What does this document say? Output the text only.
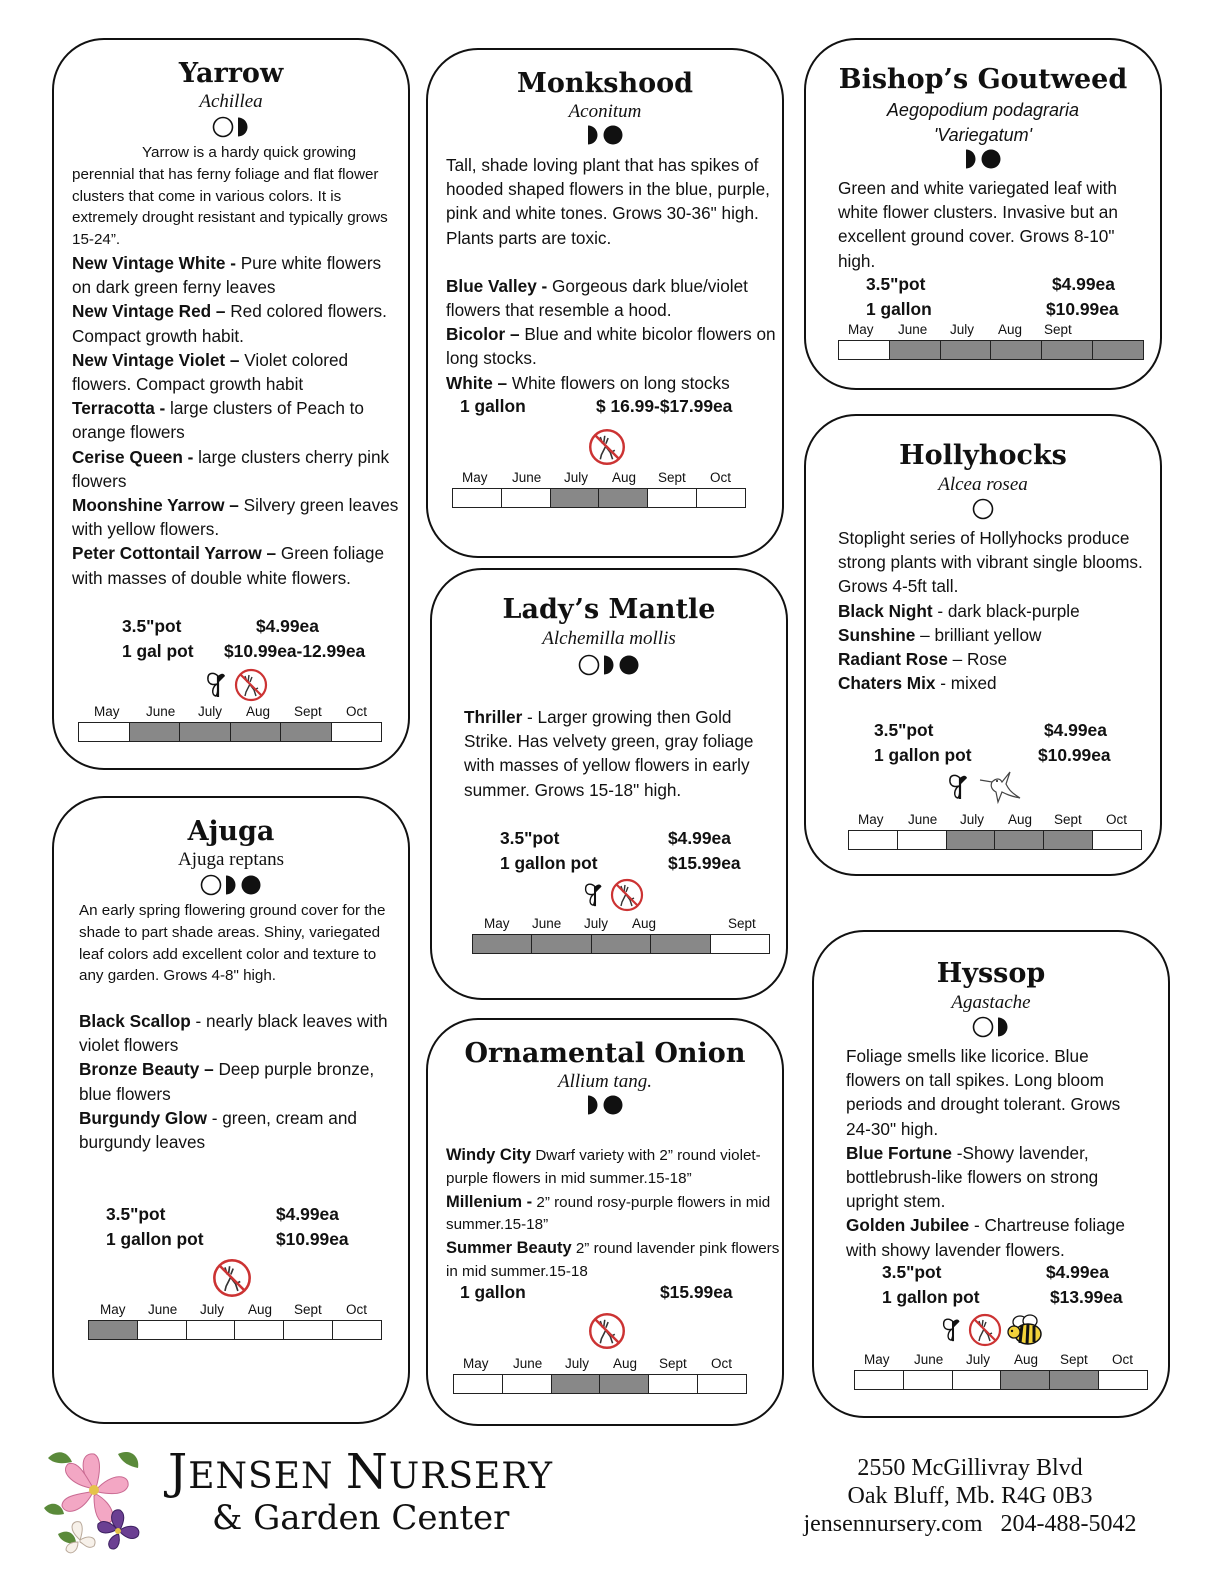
Yarrow
Achillea

Yarrow is a hardy quick growing perennial that has ferny foliage and flat flower clusters that come in various colors. It is extremely drought resistant and typically grows 15-24”.

New Vintage White - Pure white flowers on dark green ferny leaves

New Vintage Red – Red colored flowers. Compact growth habit.

New Vintage Violet – Violet colored flowers. Compact growth habit

Terracotta - large clusters of Peach to orange flowers

Cerise Queen - large clusters cherry pink flowers

Moonshine Yarrow – Silvery green leaves with yellow flowers.

Peter Cottontail Yarrow – Green foliage with masses of double white flowers.

3.5"pot	$4.99ea
1 gal pot	$10.99ea-12.99ea
May June July Aug Sept Oct
Monkshood
Aconitum

Tall, shade loving plant that has spikes of hooded shaped flowers in the blue, purple, pink and white tones. Grows 30-36" high. Plants parts are toxic.

Blue Valley - Gorgeous dark blue/violet flowers that resemble a hood.

Bicolor – Blue and white bicolor flowers on long stocks.

White – White flowers on long stocks

1 gallon	$ 16.99-$17.99ea
May June July Aug Sept Oct
Bishop’s Goutweed
Aegopodium podagraria
'Variegatum'

Green and white variegated leaf with white flower clusters. Invasive but an excellent ground cover. Grows 8-10" high.

3.5"pot	$4.99ea
1 gallon	$10.99ea
May June July Aug Sept
Hollyhocks
Alcea rosea

Stoplight series of Hollyhocks produce strong plants with vibrant single blooms. Grows 4-5ft tall.

Black Night - dark black-purple

Sunshine – brilliant yellow

Radiant Rose – Rose

Chaters Mix - mixed

3.5"pot	$4.99ea
1 gallon pot	$10.99ea
May June July Aug Sept Oct
Lady’s Mantle
Alchemilla mollis

Thriller - Larger growing then Gold Strike. Has velvety green, gray foliage with masses of yellow flowers in early summer. Grows 15-18" high.

3.5"pot	$4.99ea
1 gallon pot	$15.99ea
May June July Aug	Sept
Ajuga
Ajuga reptans

An early spring flowering ground cover for the shade to part shade areas. Shiny, variegated leaf colors add excellent color and texture to any garden. Grows 4-8" high.

Black Scallop - nearly black leaves with violet flowers

Bronze Beauty – Deep purple bronze, blue flowers

Burgundy Glow - green, cream and burgundy leaves

3.5"pot	$4.99ea
1 gallon pot	$10.99ea
May June July Aug Sept Oct
Ornamental Onion
Allium tang.

Windy City Dwarf variety with 2” round violet-purple flowers in mid summer.15-18”

Millenium - 2” round rosy-purple flowers in mid summer.15-18”

Summer Beauty 2” round lavender pink flowers in mid summer.15-18

1 gallon	$15.99ea
May June July Aug Sept Oct
Hyssop
Agastache

Foliage smells like licorice. Blue flowers on tall spikes. Long bloom periods and drought tolerant. Grows 24-30" high.

Blue Fortune -Showy lavender, bottlebrush-like flowers on strong upright stem.

Golden Jubilee - Chartreuse foliage with showy lavender flowers.

3.5"pot	$4.99ea
1 gallon pot	$13.99ea
May June July Aug Sept Oct
JENSEN NURSERY
& Garden Center
2550 McGillivray Blvd
Oak Bluff, Mb. R4G 0B3
jensennursery.com   204-488-5042
